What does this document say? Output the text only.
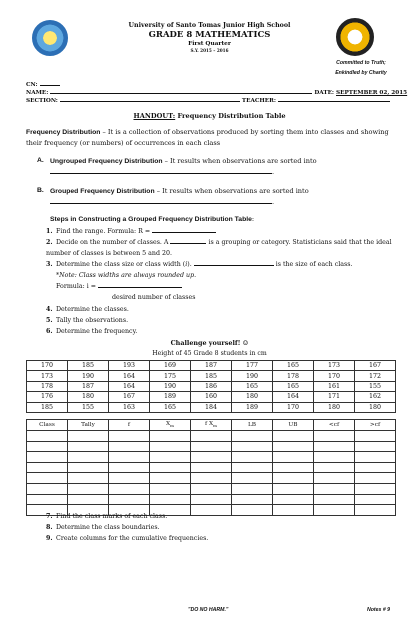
University of Santo Tomas Junior High School
GRADE 8 MATHEMATICS
First Quarter
S.Y. 2015 – 2016
Committed to Truth;
Enkindled by Charity
CN:
NAME:	DATE: SEPTEMBER 02, 2015
SECTION:	TEACHER:
HANDOUT: Frequency Distribution Table
Frequency Distribution – It is a collection of observations produced by sorting them into classes and showing their frequency (or numbers) of occurrences in each class
A. Ungrouped Frequency Distribution – It results when observations are sorted into
.
B. Grouped Frequency Distribution – It results when observations are sorted into
.
Steps in Constructing a Grouped Frequency Distribution Table:
1. Find the range. Formula: R =
2. Decide on the number of classes. A	is a grouping or category. Statisticians said that the ideal number of classes is between 5 and 20.
3. Determine the class size or class width (i).	is the size of each class.
*Note: Class widths are always rounded up.
Formula: i =
desired number of classes
4. Determine the classes.
5. Tally the observations.
6. Determine the frequency.
Challenge yourself! ☺
Height of 45 Grade 8 students in cm
170	185	193	169	187	177	165	173	167
173	190	164	175	185	190	178	170	172
178	187	164	190	186	165	165	161	155
176	180	167	189	160	180	164	171	162
185	155	163	165	184	189	170	180	180
Class	Tally	f	$X_m$	f $X_m$	LB	UB	<cf	>cf

7. Find the class marks of each class.
8. Determine the class boundaries.
9. Create columns for the cumulative frequencies.
"DO NO HARM."	Notes # 9
